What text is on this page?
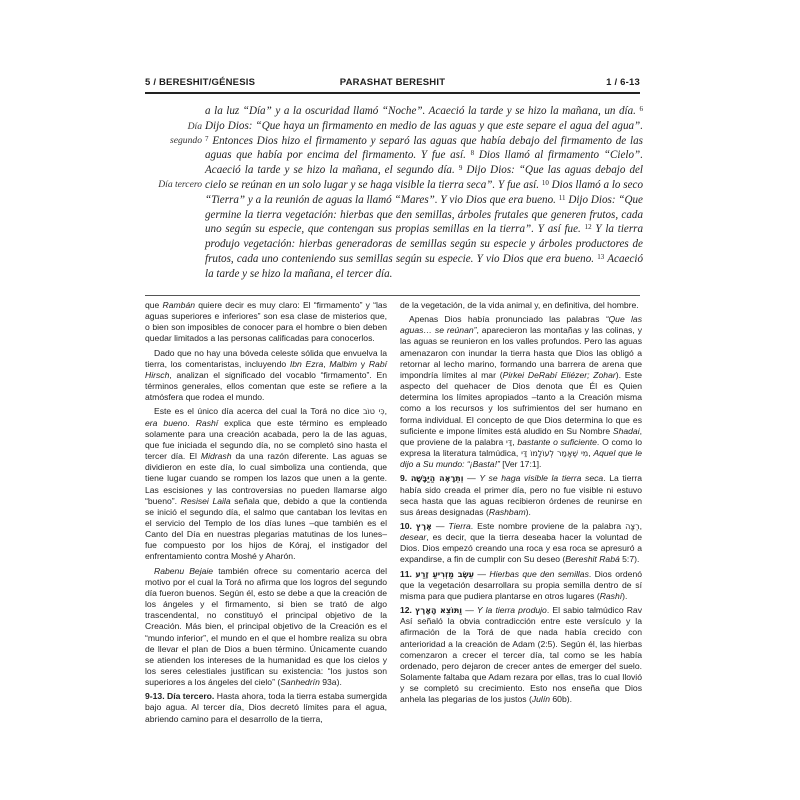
5 / BERESHIT/GÉNESIS	PARASHAT BERESHIT	1 / 6-13
Día
segundo
Día tercero

a la luz “Día” y a la oscuridad llamó “Noche”. Acaeció la tarde y se hizo la mañana, un día. $^6$ Dijo Dios: “Que haya un firmamento en medio de las aguas y que este separe el agua del agua”. $^7$ Entonces Dios hizo el firmamento y separó las aguas que había debajo del firmamento de las aguas que había por encima del firmamento. Y fue así. $^8$ Dios llamó al firmamento “Cielo”. Acaeció la tarde y se hizo la mañana, el segundo día. $^9$ Dijo Dios: “Que las aguas debajo del cielo se reúnan en un solo lugar y se haga visible la tierra seca”. Y fue así. $^{10}$ Dios llamó a lo seco “Tierra” y a la reunión de aguas la llamó “Mares”. Y vio Dios que era bueno. $^{11}$ Dijo Dios: “Que germine la tierra vegetación: hierbas que den semillas, árboles frutales que generen frutos, cada uno según su especie, que contengan sus propias semillas en la tierra”. Y así fue. $^{12}$ Y la tierra produjo vegetación: hierbas generadoras de semillas según su especie y árboles productores de frutos, cada uno conteniendo sus semillas según su especie. Y vio Dios que era bueno. $^{13}$ Acaeció la tarde y se hizo la mañana, el tercer día.

que Rambán quiere decir es muy claro: El “firmamento” y “las aguas superiores e inferiores” son esa clase de misterios que, o bien son imposibles de conocer para el hombre o bien deben quedar limitados a las personas calificadas para conocerlos.

Dado que no hay una bóveda celeste sólida que envuelva la tierra, los comentaristas, incluyendo Ibn Ezra, Malbim y Rabí Hirsch, analizan el significado del vocablo “firmamento”. En términos generales, ellos comentan que este se refiere a la atmósfera que rodea el mundo.

Este es el único día acerca del cual la Torá no dice כִּי טוֹב, era bueno. Rashí explica que este término es empleado solamente para una creación acabada, pero la de las aguas, que fue iniciada el segundo día, no se completó sino hasta el tercer día. El Midrash da una razón diferente. Las aguas se dividieron en este día, lo cual simboliza una contienda, que tiene lugar cuando se rompen los lazos que unen a la gente. Las escisiones y las controversias no pueden llamarse algo “bueno”. Resisei Laila señala que, debido a que la contienda se inició el segundo día, el salmo que cantaban los levitas en el servicio del Templo de los días lunes –que también es el Canto del Día en nuestras plegarias matutinas de los lunes– fue compuesto por los hijos de Kóraj, el instigador del enfrentamiento contra Moshé y Aharón.

Rabenu Bejaie también ofrece su comentario acerca del motivo por el cual la Torá no afirma que los logros del segundo día fueron buenos. Según él, esto se debe a que la creación de los ángeles y el firmamento, si bien se trató de algo trascendental, no constituyó el principal objetivo de la Creación. Más bien, el principal objetivo de la Creación es el “mundo inferior”, el mundo en el que el hombre realiza su obra de llevar el plan de Dios a buen término. Únicamente cuando se atienden los intereses de la humanidad es que los cielos y los seres celestiales justifican su existencia: “los justos son superiores a los ángeles del cielo” (Sanhedrín 93a).

9-13. Día tercero. Hasta ahora, toda la tierra estaba sumergida bajo agua. Al tercer día, Dios decretó límites para el agua, abriendo camino para el desarrollo de la tierra,

de la vegetación, de la vida animal y, en definitiva, del hombre.

Apenas Dios había pronunciado las palabras “Que las aguas… se reúnan”, aparecieron las montañas y las colinas, y las aguas se reunieron en los valles profundos. Pero las aguas amenazaron con inundar la tierra hasta que Dios las obligó a retornar al lecho marino, formando una barrera de arena que impondría límites al mar (Pirkei DeRabí Eliézer; Zohar). Este aspecto del quehacer de Dios denota que Él es Quien determina los límites apropiados –tanto a la Creación misma como a los recursos y los sufrimientos del ser humano en forma individual. El concepto de que Dios determina lo que es suficiente e impone límites está aludido en Su Nombre Shadai, que proviene de la palabra דַּי, bastante o suficiente. O como lo expresa la literatura talmúdica, מִי שֶׁאָמַר לְעוֹלָמוֹ דַּי, Aquel que le dijo a Su mundo: “¡Basta!” [Ver 17:1].

9. וְתֵרָאֶה הַיַּבָּשָׁה — Y se haga visible la tierra seca. La tierra había sido creada el primer día, pero no fue visible ni estuvo seca hasta que las aguas recibieron órdenes de reunirse en sus áreas designadas (Rashbam).

10. אֶרֶץ — Tierra. Este nombre proviene de la palabra רְצָה, desear, es decir, que la tierra deseaba hacer la voluntad de Dios. Dios empezó creando una roca y esa roca se apresuró a expandirse, a fin de cumplir con Su deseo (Bereshit Rabá 5:7).

11. עֵשֶׂב מַזְרִיעַ זֶרַע — Hierbas que den semillas. Dios ordenó que la vegetación desarrollara su propia semilla dentro de sí misma para que pudiera plantarse en otros lugares (Rashí).

12. וַתּוֹצֵא הָאָרֶץ — Y la tierra produjo. El sabio talmúdico Rav Así señaló la obvia contradicción entre este versículo y la afirmación de la Torá de que nada había crecido con anterioridad a la creación de Adam (2:5). Según él, las hierbas comenzaron a crecer el tercer día, tal como se les había ordenado, pero dejaron de crecer antes de emerger del suelo. Solamente faltaba que Adam rezara por ellas, tras lo cual llovió y se completó su crecimiento. Esto nos enseña que Dios anhela las plegarias de los justos (Julín 60b).
